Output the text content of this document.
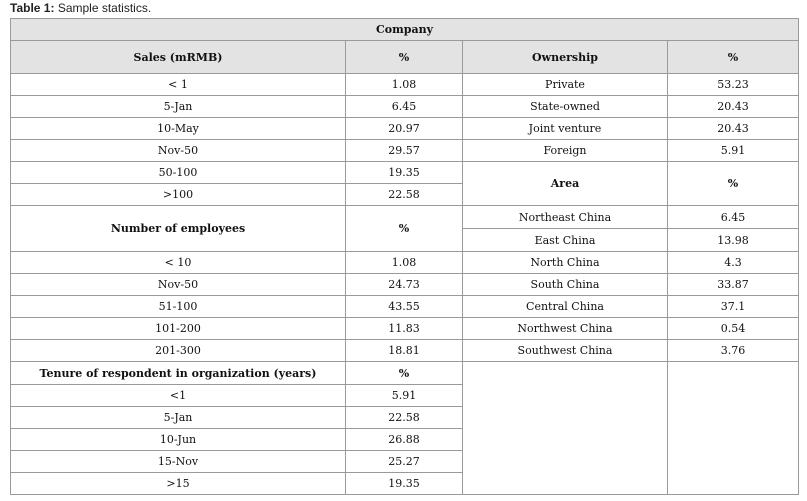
Table 1: Sample statistics.
Company			
Sales (mRMB)	%	Ownership	%
< 1	1.08	Private	53.23
5-Jan	6.45	State-owned	20.43
10-May	20.97	Joint venture	20.43
Nov-50	29.57	Foreign	5.91
50-100	19.35	Area	%
>100	22.58		
Number of employees	%	Northeast China	6.45
		East China	13.98
< 10	1.08	North China	4.3
Nov-50	24.73	South China	33.87
51-100	43.55	Central China	37.1
101-200	11.83	Northwest China	0.54
201-300	18.81	Southwest China	3.76
Tenure of respondent in organization (years)	%		
<1	5.91		
5-Jan	22.58		
10-Jun	26.88		
15-Nov	25.27		
>15	19.35		
